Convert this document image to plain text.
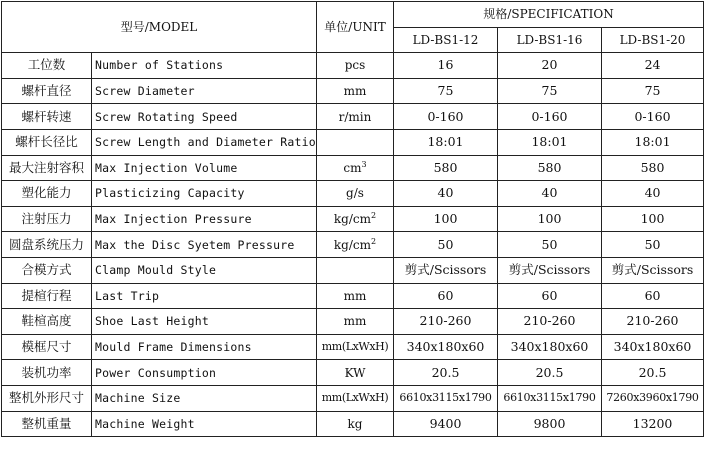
型号/MODEL		单位/UNIT	规格/SPECIFICATION		
			LD-BS1-12	LD-BS1-16	LD-BS1-20
工位数	Number of Stations	pcs	16	20	24
螺杆直径	Screw Diameter	mm	75	75	75
螺杆转速	Screw Rotating Speed	r/min	0-160	0-160	0-160
螺杆长径比	Screw Length and Diameter Ratio		18:01	18:01	18:01
最大注射容积	Max Injection Volume	$cm^3$	580	580	580
塑化能力	Plasticizing Capacity	g/s	40	40	40
注射压力	Max Injection Pressure	$kg/cm^2$	100	100	100
圆盘系统压力	Max the Disc Syetem Pressure	$kg/cm^2$	50	50	50
合模方式	Clamp Mould Style		剪式/Scissors	剪式/Scissors	剪式/Scissors
提楦行程	Last Trip	mm	60	60	60
鞋楦高度	Shoe Last Height	mm	210-260	210-260	210-260
模框尺寸	Mould Frame Dimensions	mm(LxWxH)	340x180x60	340x180x60	340x180x60
装机功率	Power Consumption	KW	20.5	20.5	20.5
整机外形尺寸	Machine Size	mm(LxWxH)	6610x3115x1790	6610x3115x1790	7260x3960x1790
整机重量	Machine Weight	kg	9400	9800	13200
